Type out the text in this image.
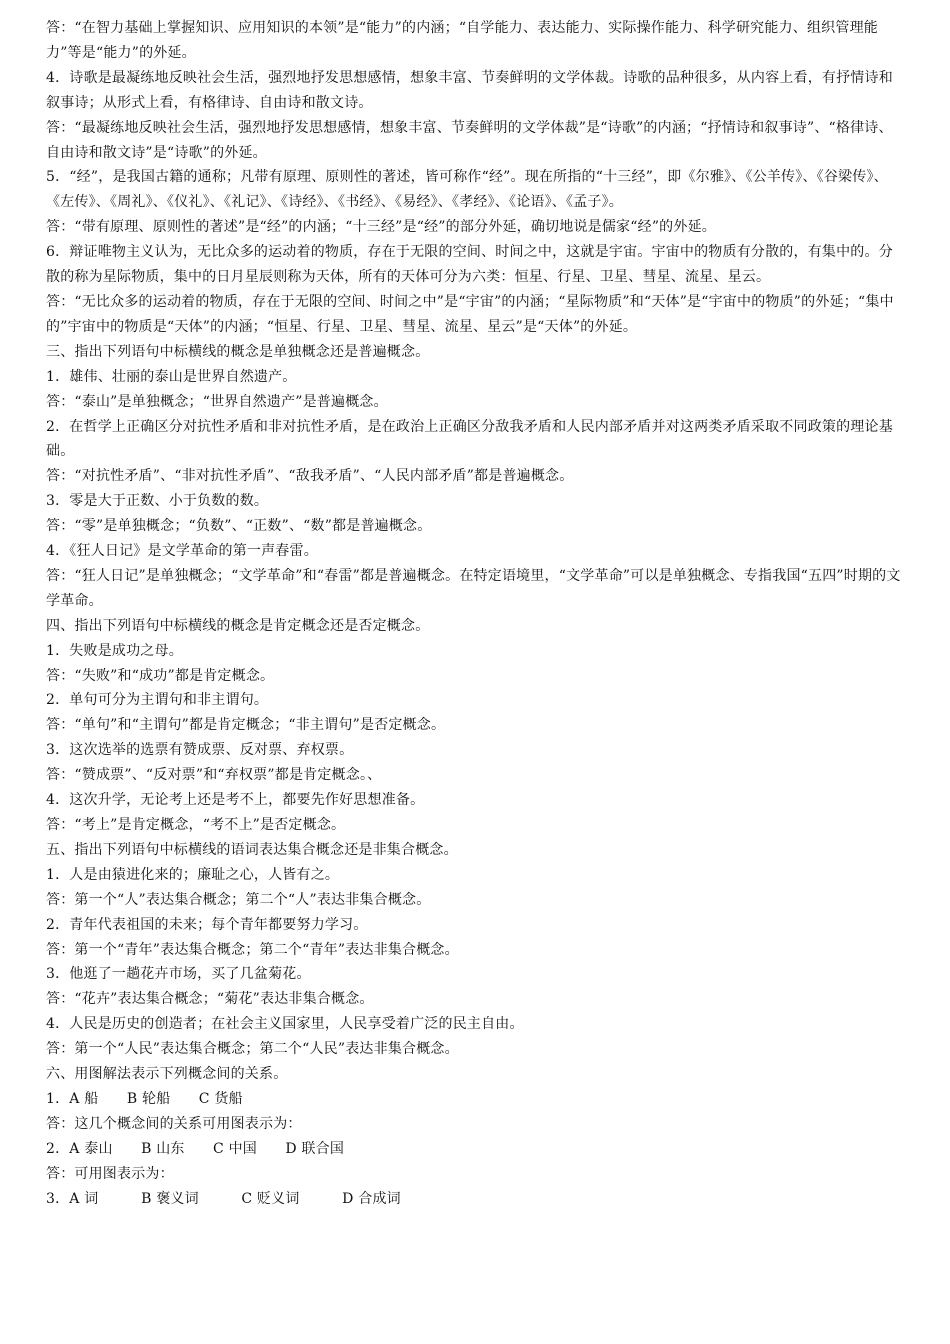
答：“在智力基础上掌握知识、应用知识的本领”是“能力”的内涵；“自学能力、表达能力、实际操作能力、科学研究能力、组织管理能力”等是“能力”的外延。
4．诗歌是最凝练地反映社会生活，强烈地抒发思想感情，想象丰富、节奏鲜明的文学体裁。诗歌的品种很多，从内容上看，有抒情诗和叙事诗；从形式上看，有格律诗、自由诗和散文诗。
答：“最凝练地反映社会生活，强烈地抒发思想感情，想象丰富、节奏鲜明的文学体裁”是“诗歌”的内涵；“抒情诗和叙事诗”、“格律诗、自由诗和散文诗”是“诗歌”的外延。
5．“经”，是我国古籍的通称；凡带有原理、原则性的著述，皆可称作“经”。现在所指的“十三经”，即《尔雅》、《公羊传》、《谷梁传》、《左传》、《周礼》、《仪礼》、《礼记》、《诗经》、《书经》、《易经》、《孝经》、《论语》、《孟子》。
答：“带有原理、原则性的著述”是“经”的内涵；“十三经”是“经”的部分外延，确切地说是儒家“经”的外延。
6．辩证唯物主义认为，无比众多的运动着的物质，存在于无限的空间、时间之中，这就是宇宙。宇宙中的物质有分散的，有集中的。分散的称为星际物质，集中的日月星辰则称为天体，所有的天体可分为六类：恒星、行星、卫星、彗星、流星、星云。
答：“无比众多的运动着的物质，存在于无限的空间、时间之中”是“宇宙”的内涵；“星际物质”和“天体”是“宇宙中的物质”的外延；“集中的”宇宙中的物质是“天体”的内涵；“恒星、行星、卫星、彗星、流星、星云”是“天体”的外延。
三、指出下列语句中标横线的概念是单独概念还是普遍概念。
1．雄伟、壮丽的泰山是世界自然遗产。
答：“泰山”是单独概念；“世界自然遗产”是普遍概念。
2．在哲学上正确区分对抗性矛盾和非对抗性矛盾，是在政治上正确区分敌我矛盾和人民内部矛盾并对这两类矛盾采取不同政策的理论基础。
答：“对抗性矛盾”、“非对抗性矛盾”、“敌我矛盾”、“人民内部矛盾”都是普遍概念。
3．零是大于正数、小于负数的数。
答：“零”是单独概念；“负数”、“正数”、“数”都是普遍概念。
4．《狂人日记》是文学革命的第一声春雷。
答：“狂人日记”是单独概念；“文学革命”和“春雷”都是普遍概念。在特定语境里，“文学革命”可以是单独概念、专指我国“五四”时期的文学革命。
四、指出下列语句中标横线的概念是肯定概念还是否定概念。
1．失败是成功之母。
答：“失败”和“成功”都是肯定概念。
2．单句可分为主谓句和非主谓句。
答：“单句”和“主谓句”都是肯定概念；“非主谓句”是否定概念。
3．这次选举的选票有赞成票、反对票、弃权票。
答：“赞成票”、“反对票”和“弃权票”都是肯定概念。、
4．这次升学，无论考上还是考不上，都要先作好思想准备。
答：“考上”是肯定概念，“考不上”是否定概念。
五、指出下列语句中标横线的语词表达集合概念还是非集合概念。
1．人是由猿进化来的；廉耻之心，人皆有之。
答：第一个“人”表达集合概念；第二个“人”表达非集合概念。
2．青年代表祖国的未来；每个青年都要努力学习。
答：第一个“青年”表达集合概念；第二个“青年”表达非集合概念。
3．他逛了一趟花卉市场，买了几盆菊花。
答：“花卉”表达集合概念；“菊花”表达非集合概念。
4．人民是历史的创造者；在社会主义国家里，人民享受着广泛的民主自由。
答：第一个“人民”表达集合概念；第二个“人民”表达非集合概念。
六、用图解法表示下列概念间的关系。
1．A 船　　B 轮船　　C 货船
答：这几个概念间的关系可用图表示为：
2．A 泰山　　B 山东　　C 中国　　D 联合国
答：可用图表示为：
3．A 词　　　B 褒义词　　　C 贬义词　　　D 合成词
